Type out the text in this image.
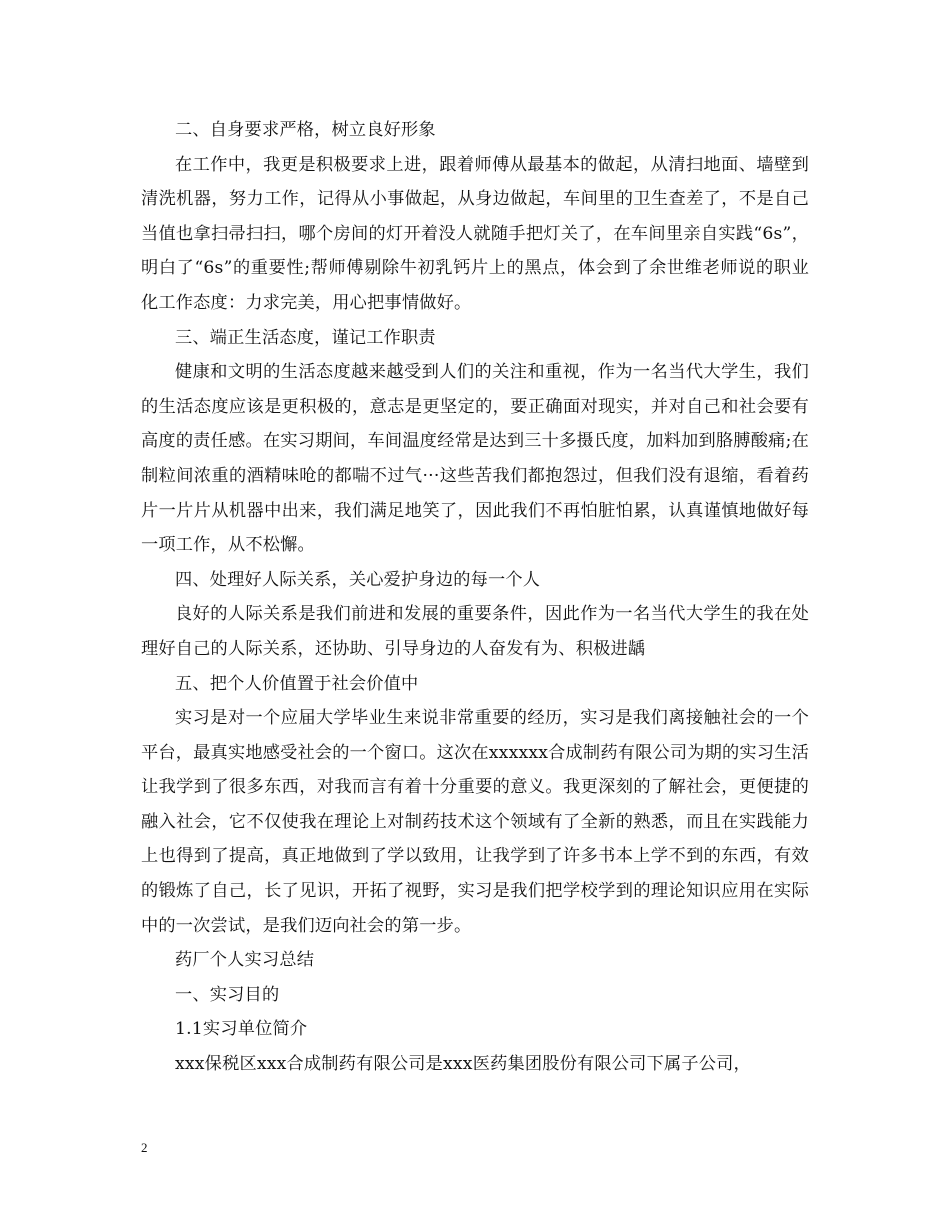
二、自身要求严格，树立良好形象

在工作中，我更是积极要求上进，跟着师傅从最基本的做起，从清扫地面、墙壁到清洗机器，努力工作，记得从小事做起，从身边做起，车间里的卫生查差了，不是自己当值也拿扫帚扫扫，哪个房间的灯开着没人就随手把灯关了，在车间里亲自实践“6s”，明白了“6s”的重要性;帮师傅剔除牛初乳钙片上的黑点，体会到了余世维老师说的职业化工作态度：力求完美，用心把事情做好。

三、端正生活态度，谨记工作职责

健康和文明的生活态度越来越受到人们的关注和重视，作为一名当代大学生，我们的生活态度应该是更积极的，意志是更坚定的，要正确面对现实，并对自己和社会要有高度的责任感。在实习期间，车间温度经常是达到三十多摄氏度，加料加到胳膊酸痛;在制粒间浓重的酒精味呛的都喘不过气···这些苦我们都抱怨过，但我们没有退缩，看着药片一片片从机器中出来，我们满足地笑了，因此我们不再怕脏怕累，认真谨慎地做好每一项工作，从不松懈。

四、处理好人际关系，关心爱护身边的每一个人

良好的人际关系是我们前进和发展的重要条件，因此作为一名当代大学生的我在处理好自己的人际关系，还协助、引导身边的人奋发有为、积极进龋

五、把个人价值置于社会价值中

实习是对一个应届大学毕业生来说非常重要的经历，实习是我们离接触社会的一个平台，最真实地感受社会的一个窗口。这次在xxxxxx合成制药有限公司为期的实习生活让我学到了很多东西，对我而言有着十分重要的意义。我更深刻的了解社会，更便捷的融入社会，它不仅使我在理论上对制药技术这个领域有了全新的熟悉，而且在实践能力上也得到了提高，真正地做到了学以致用，让我学到了许多书本上学不到的东西，有效的锻炼了自己，长了见识，开拓了视野，实习是我们把学校学到的理论知识应用在实际中的一次尝试，是我们迈向社会的第一步。

药厂个人实习总结

一、实习目的

1.1实习单位简介

xxx保税区xxx合成制药有限公司是xxx医药集团股份有限公司下属子公司，

2
